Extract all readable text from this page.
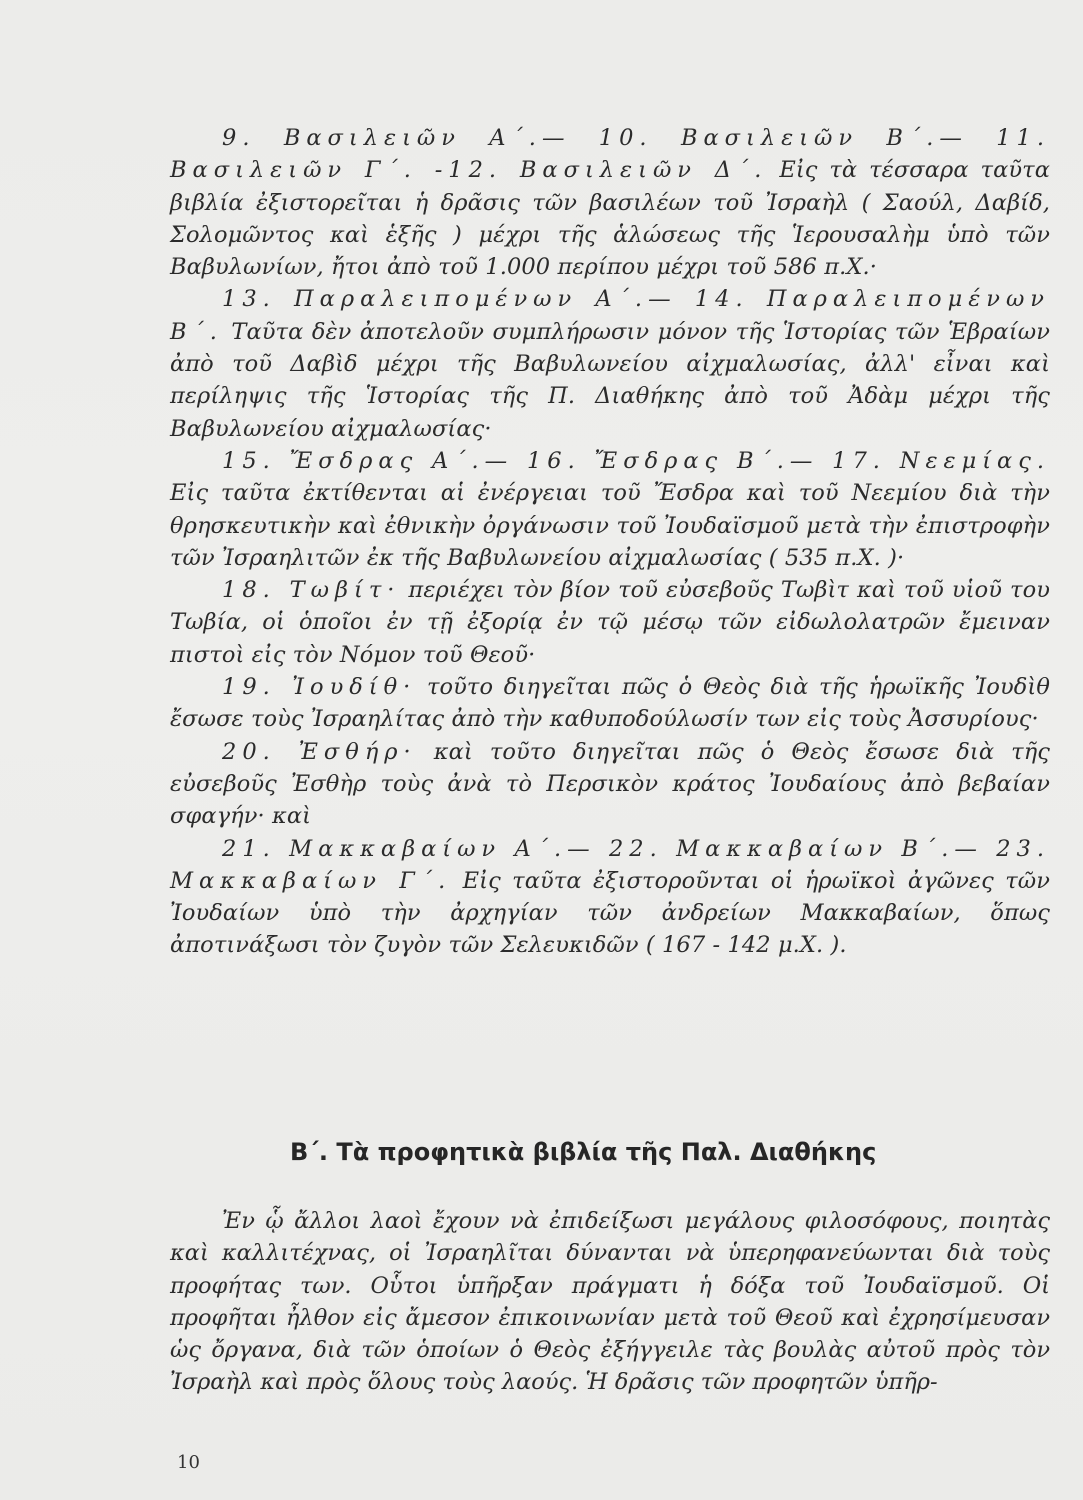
9. Βασιλειῶν Α΄.— 10. Βασιλειῶν Β΄.— 11. Βασιλειῶν Γ΄. -12. Βασιλειῶν Δ΄. Εἰς τὰ τέσσαρα ταῦτα βιβλία ἐξιστορεῖται ἡ δρᾶσις τῶν βασιλέων τοῦ Ἰσραὴλ ( Σαούλ, Δαβίδ, Σολομῶντος καὶ ἑξῆς ) μέχρι τῆς ἁλώσεως τῆς Ἱερουσαλὴμ ὑπὸ τῶν Βαβυλωνίων, ἤτοι ἀπὸ τοῦ 1.000 περίπου μέχρι τοῦ 586 π.Χ.·

13. Παραλειπομένων Α΄.— 14. Παραλειπομένων Β΄. Ταῦτα δὲν ἀποτελοῦν συμπλήρωσιν μόνον τῆς Ἱστορίας τῶν Ἑβραίων ἀπὸ τοῦ Δαβὶδ μέχρι τῆς Βαβυλωνείου αἰχμαλωσίας, ἀλλ' εἶναι καὶ περίληψις τῆς Ἱστορίας τῆς Π. Διαθήκης ἀπὸ τοῦ Ἀδὰμ μέχρι τῆς Βαβυλωνείου αἰχμαλωσίας·

15. Ἔσδρας Α΄.— 16. Ἔσδρας Β΄.— 17. Νεεμίας. Εἰς ταῦτα ἐκτίθενται αἱ ἐνέργειαι τοῦ Ἔσδρα καὶ τοῦ Νεεμίου διὰ τὴν θρησκευτικὴν καὶ ἐθνικὴν ὀργάνωσιν τοῦ Ἰουδαϊσμοῦ μετὰ τὴν ἐπιστροφὴν τῶν Ἰσραηλιτῶν ἐκ τῆς Βαβυλωνείου αἰχμαλωσίας ( 535 π.Χ. )·

18. Τωβίτ· περιέχει τὸν βίον τοῦ εὐσεβοῦς Τωβὶτ καὶ τοῦ υἱοῦ του Τωβία, οἱ ὁποῖοι ἐν τῇ ἐξορίᾳ ἐν τῷ μέσῳ τῶν εἰδωλολατρῶν ἔμειναν πιστοὶ εἰς τὸν Νόμον τοῦ Θεοῦ·

19. Ἰουδίθ· τοῦτο διηγεῖται πῶς ὁ Θεὸς διὰ τῆς ἡρωϊκῆς Ἰουδὶθ ἔσωσε τοὺς Ἰσραηλίτας ἀπὸ τὴν καθυποδούλωσίν των εἰς τοὺς Ἀσσυρίους·

20. Ἐσθήρ· καὶ τοῦτο διηγεῖται πῶς ὁ Θεὸς ἔσωσε διὰ τῆς εὐσεβοῦς Ἐσθὴρ τοὺς ἀνὰ τὸ Περσικὸν κράτος Ἰουδαίους ἀπὸ βεβαίαν σφαγήν· καὶ

21. Μακκαβαίων Α΄.— 22. Μακκαβαίων Β΄.— 23. Μακκαβαίων Γ΄. Εἰς ταῦτα ἐξιστοροῦνται οἱ ἡρωϊκοὶ ἀγῶνες τῶν Ἰουδαίων ὑπὸ τὴν ἀρχηγίαν τῶν ἀνδρείων Μακκαβαίων, ὅπως ἀποτινάξωσι τὸν ζυγὸν τῶν Σελευκιδῶν ( 167 - 142 μ.Χ. ).

Β΄. Τὰ προφητικὰ βιβλία τῆς Παλ. Διαθήκης

Ἐν ᾧ ἄλλοι λαοὶ ἔχουν νὰ ἐπιδείξωσι μεγάλους φιλοσόφους, ποιητὰς καὶ καλλιτέχνας, οἱ Ἰσραηλῖται δύνανται νὰ ὑπερηφανεύωνται διὰ τοὺς προφήτας των. Οὗτοι ὑπῆρξαν πράγματι ἡ δόξα τοῦ Ἰουδαϊσμοῦ. Οἱ προφῆται ἦλθον εἰς ἄμεσον ἐπικοινωνίαν μετὰ τοῦ Θεοῦ καὶ ἐχρησίμευσαν ὡς ὄργανα, διὰ τῶν ὁποίων ὁ Θεὸς ἐξήγγειλε τὰς βουλὰς αὐτοῦ πρὸς τὸν Ἰσραὴλ καὶ πρὸς ὅλους τοὺς λαούς. Ἡ δρᾶσις τῶν προφητῶν ὑπῆρ-

10
